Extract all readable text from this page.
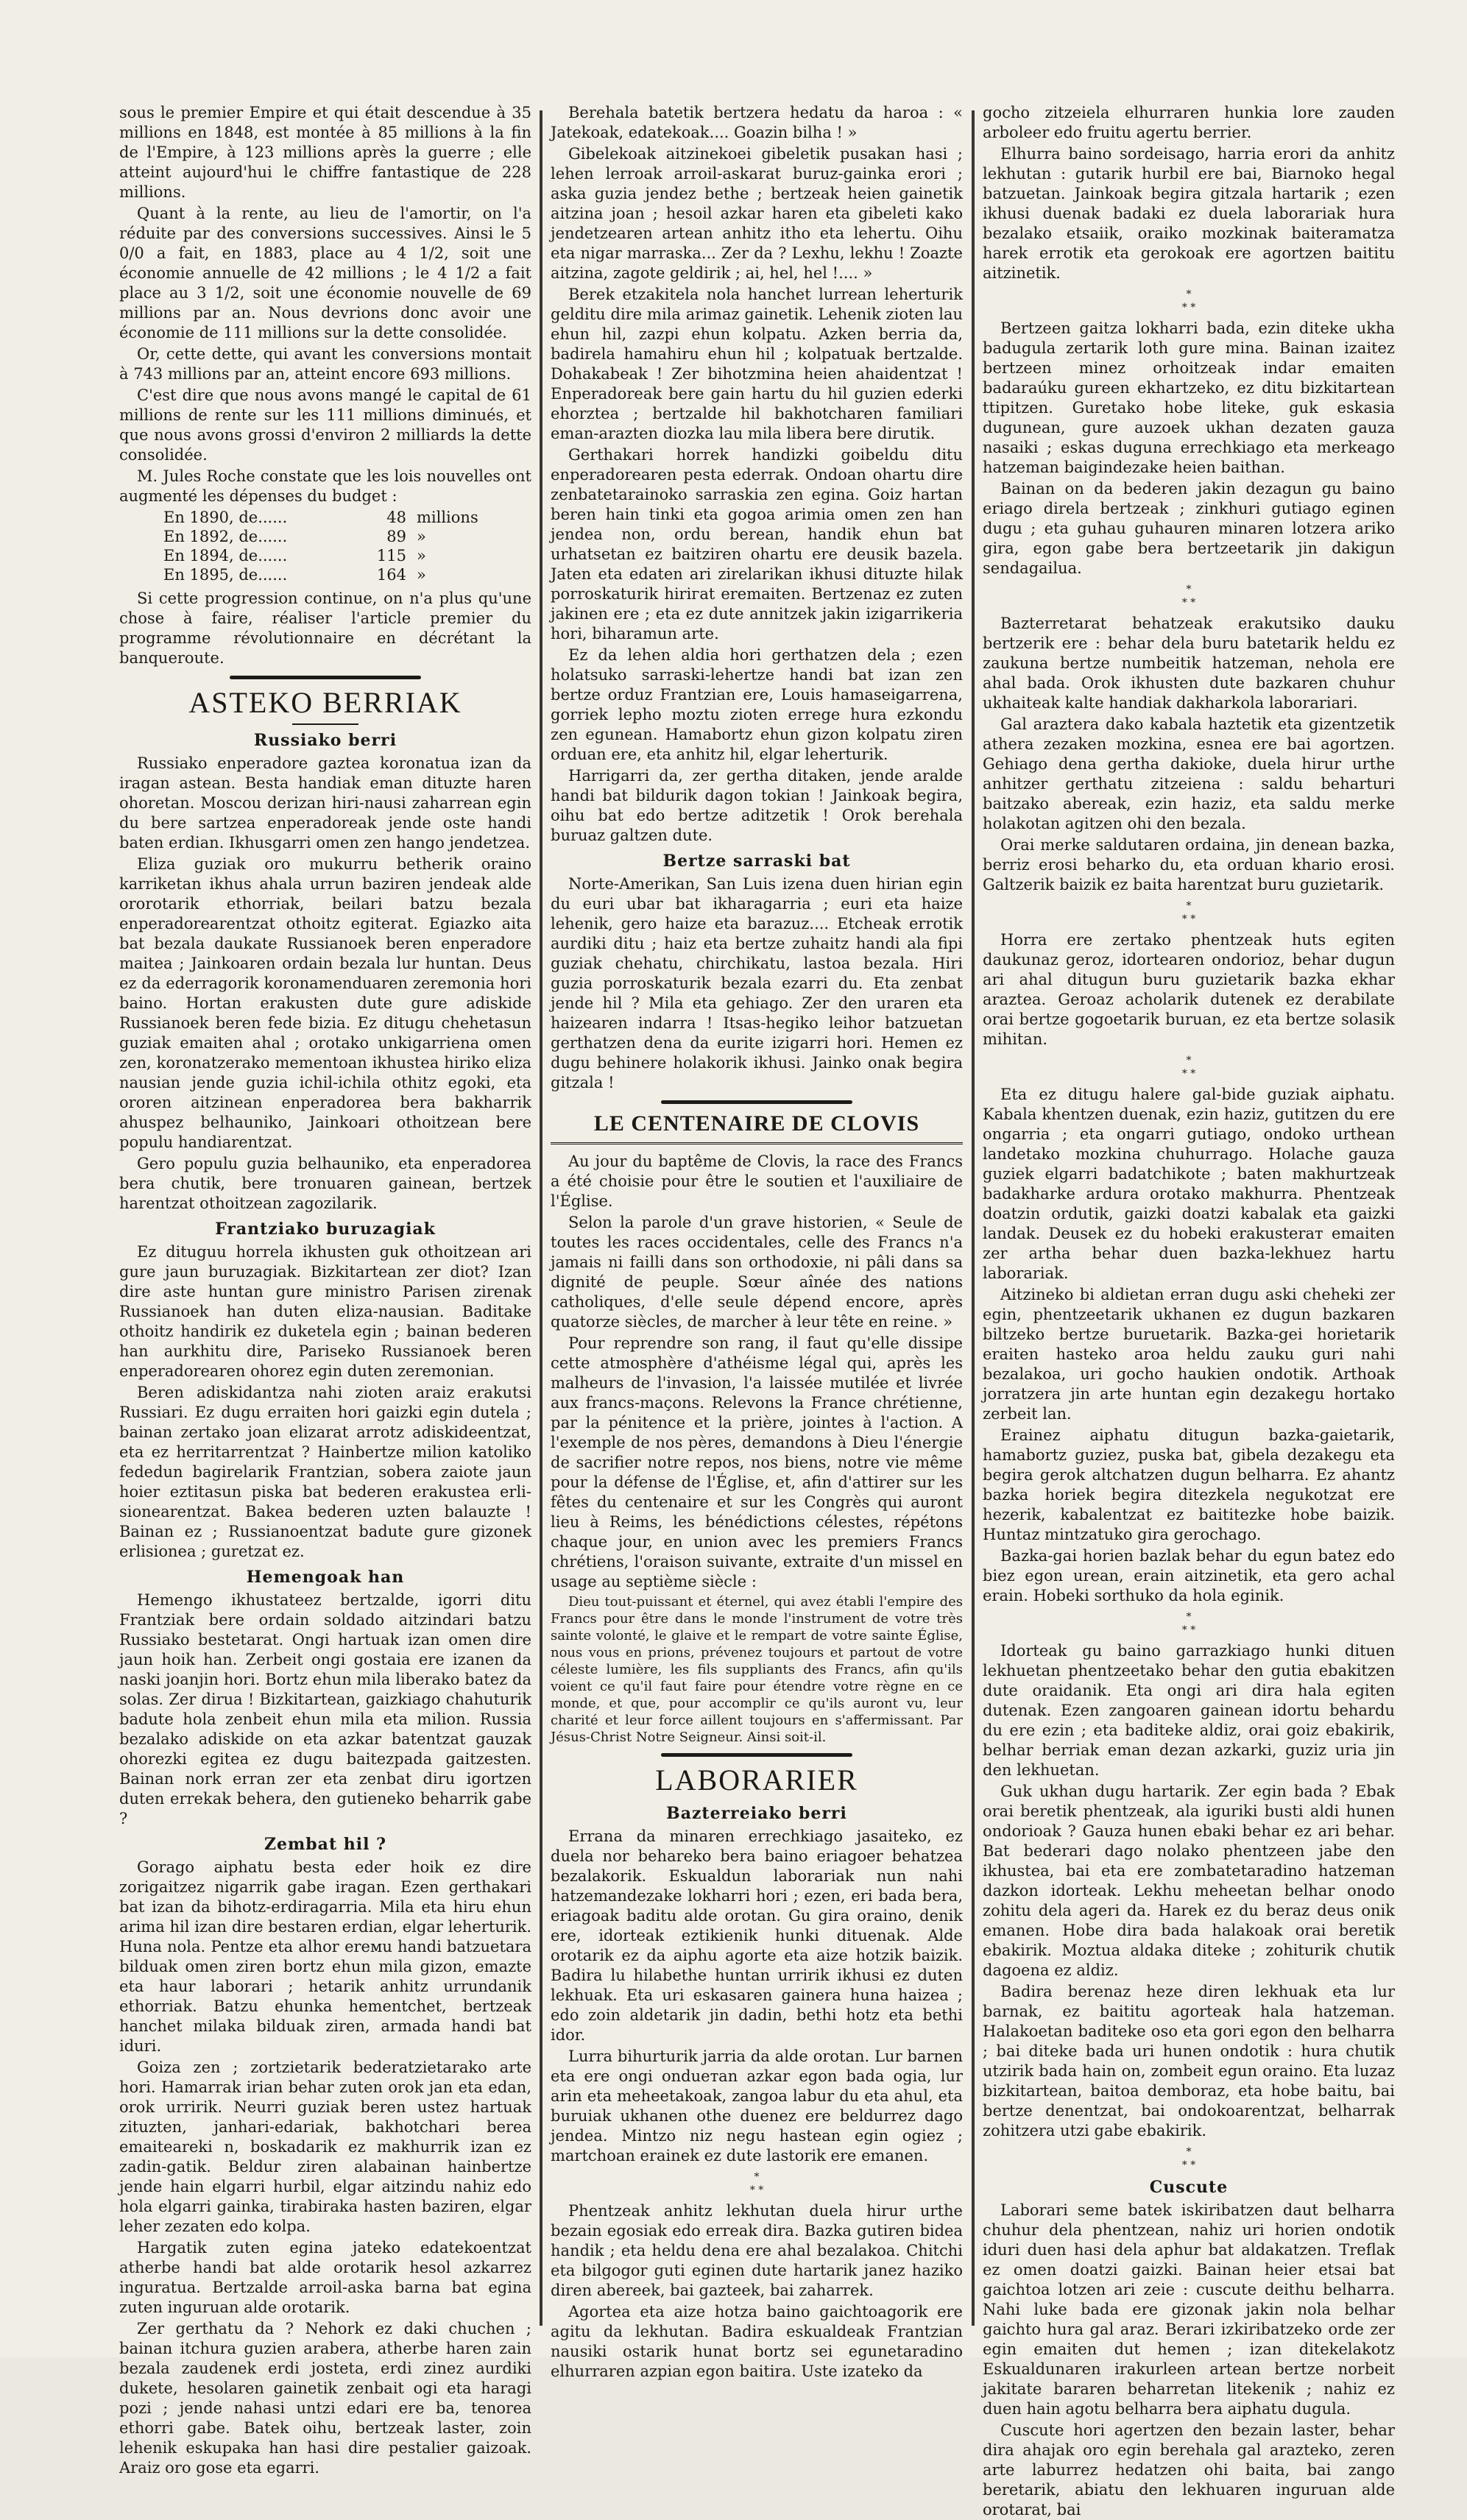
sous le premier Empire et qui était descendue à 35 millions en 1848, est montée à 85 millions à la fin de l'Empire, à 123 millions après la guerre ; elle atteint aujourd'hui le chiffre fantastique de 228 millions.

Quant à la rente, au lieu de l'amortir, on l'a réduite par des conversions successives. Ainsi le 5 0/0 a fait, en 1883, place au 4 1/2, soit une économie annuelle de 42 millions ; le 4 1/2 a fait place au 3 1/2, soit une économie nouvelle de 69 millions par an. Nous devrions donc avoir une économie de 111 millions sur la dette consolidée.

Or, cette dette, qui avant les conversions montait à 743 millions par an, atteint encore 693 millions.

C'est dire que nous avons mangé le capital de 61 millions de rente sur les 111 millions diminués, et que nous avons grossi d'environ 2 milliards la dette consolidée.

M. Jules Roche constate que les lois nouvelles ont augmenté les dépenses du budget :

En 1890, de......	48 millions
En 1892, de......	89 »
En 1894, de......	115 »
En 1895, de......	164 »

Si cette progression continue, on n'a plus qu'une chose à faire, réaliser l'article premier du programme révolutionnaire en décrétant la banqueroute.

ASTEKO BERRIAK
Russiako berri

Russiako enperadore gaztea koronatua izan da iragan astean. Besta handiak eman dituzte haren ohoretan. Moscou derizan hiri-nausi zaharrean egin du bere sartzea enperadoreak jende oste handi baten erdian. Ikhusgarri omen zen hango jendetzea.

Eliza guziak oro mukurru betherik oraino karriketan ikhus ahala urrun baziren jendeak alde ororotarik ethorriak, beilari batzu bezala enperadorearentzat othoitz egiterat. Egiazko aita bat bezala daukate Russianoek beren enperadore maitea ; Jainkoaren ordain bezala lur huntan. Deus ez da ederragorik koronamenduaren zeremonia hori baino. Hortan erakusten dute gure adiskide Russianoek beren fede bizia. Ez ditugu chehetasun guziak emaiten ahal ; orotako unkigarriena omen zen, koronatzerako mementoan ikhustea hiriko eliza nausian jende guzia ichil-ichila othitz egoki, eta ororen aitzinean enperadorea bera bakharrik ahuspez belhauniko, Jainkoari othoitzean bere populu handiarentzat.

Gero populu guzia belhauniko, eta enperadorea bera chutik, bere tronuaren gainean, bertzek harentzat othoitzean zagozilarik.

Frantziako buruzagiak

Ez dituguu horrela ikhusten guk othoitzean ari gure jaun buruzagiak. Bizkitartean zer diot? Izan dire aste huntan gure ministro Parisen zirenak Russianoek han duten eliza-nausian. Baditake othoitz handirik ez duketela egin ; bainan bederen han aurkhitu dire, Pariseko Russianoek beren enperadorearen ohorez egin duten zeremonian.

Beren adiskidantza nahi zioten araiz erakutsi Russiari. Ez dugu erraiten hori gaizki egin dutela ; bainan zertako joan elizarat arrotz adiskideentzat, eta ez herritarrentzat ? Hainbertze milion katoliko fededun bagirelarik Frantzian, sobera zaiote jaun hoier eztitasun piska bat bederen erakustea erli-sionearentzat. Bakea bederen uzten balauzte ! Bainan ez ; Russianoentzat badute gure gizonek erlisionea ; guretzat ez.

Hemengoak han

Hemengo ikhustateez bertzalde, igorri ditu Frantziak bere ordain soldado aitzindari batzu Russiako bestetarat. Ongi hartuak izan omen dire jaun hoik han. Zerbeit ongi gostaia ere izanen da naski joanjin hori. Bortz ehun mila liberako batez da solas. Zer dirua ! Bizkitartean, gaizkiago chahuturik badute hola zenbeit ehun mila eta milion. Russia bezalako adiskide on eta azkar batentzat gauzak ohorezki egitea ez dugu baitezpada gaitzesten. Bainan nork erran zer eta zenbat diru igortzen duten errekak behera, den gutieneko beharrik gabe ?

Zembat hil ?

Gorago aiphatu besta eder hoik ez dire zorigaitzez nigarrik gabe iragan. Ezen gerthakari bat izan da bihotz-erdiragarria. Mila eta hiru ehun arima hil izan dire bestaren erdian, elgar leherturik. Huna nola. Pentze eta alhor ereмu handi batzuetara bilduak omen ziren bortz ehun mila gizon, emazte eta haur laborari ; hetarik anhitz urrundanik ethorriak. Batzu ehunka hementchet, bertzeak hanchet milaka bilduak ziren, armada handi bat iduri.

Goiza zen ; zortzietarik bederatzietarako arte hori. Hamarrak irian behar zuten orok jan eta edan, orok urririk. Neurri guziak beren ustez hartuak zituzten, janhari-edariak, bakhotchari berea emaiteareki n, boskadarik ez makhurrik izan ez zadin-gatik. Beldur ziren alabainan hainbertze jende hain elgarri hurbil, elgar aitzindu nahiz edo hola elgarri gainka, tirabiraka hasten baziren, elgar leher zezaten edo kolpa.

Hargatik zuten egina jateko edatekoentzat atherbe handi bat alde orotarik hesol azkarrez inguratua. Bertzalde arroil-aska barna bat egina zuten inguruan alde orotarik.

Zer gerthatu da ? Nehork ez daki chuchen ; bainan itchura guzien arabera, atherbe haren zain bezala zaudenek erdi josteta, erdi zinez aurdiki dukete, hesolaren gainetik zenbait ogi eta haragi pozi ; jende nahasi untzi edari ere ba, tenorea ethorri gabe. Batek oihu, bertzeak laster, zoin lehenik eskupaka han hasi dire pestalier gaizoak. Araiz oro gose eta egarri.

Berehala batetik bertzera hedatu da haroa : « Jatekoak, edatekoak.... Goazin bilha ! »

Gibelekoak aitzinekoei gibeletik pusakan hasi ; lehen lerroak arroil-askarat buruz-gainka erori ; aska guzia jendez bethe ; bertzeak heien gainetik aitzina joan ; hesoil azkar haren eta gibeleti kako jendetzearen artean anhitz itho eta leheгtu. Oihu eta nigar marraska... Zer da ? Lexhu, lekhu ! Zoazte aitzina, zagote geldirik ; ai, hel, hel !.... »

Berek etzakitela nola hanchet lurrean leherturik gelditu dire mila arimaz gainetik. Lehenik zioten lau ehun hil, zazpi ehun kolpatu. Azken berria da, badirela hamahiru ehun hil ; kolpatuak bertzalde. Dohakabeak ! Zer bihotzmina heien ahaidentzat ! Enperadoreak bere gain hartu du hil guzien ederki ehorztea ; bertzalde hil bakhotcharen familiari eman-arazten diozka lau mila libera bere dirutik.

Gerthakari horrek handizki goibeldu ditu enperadorearen pesta ederrak. Ondoan ohartu dire zenbatetarainoko sarraskia zen egina. Goiz hartan beren hain tinki eta gogoa arimia omen zen han jendea non, ordu berean, handik ehun bat urhatsetan ez baitziren ohartu ere deusik bazela. Jaten eta edaten ari zirelarikan ikhusi dituzte hilak porroskaturik hiriгat eremaiten. Bertzenaz ez zuten jakinen ere ; eta ez dute annitzek jakin izigarrikeria hori, biharamun arte.

Ez da lehen aldia hori gerthatzen dela ; ezen holatsuko sarraski-lehertze handi bat izan zen bertze orduz Frantzian ere, Louis hamaseigarrena, gorriek lepho moztu zioten errege hura ezkondu zen egunean. Hamabortz ehun gizon kolpatu ziren orduan ere, eta anhitz hil, elgar leherturik.

Harrigarri da, zer gertha ditaken, jende aralde handi bat bildurik dagon tokian ! Jainkoak begira, oihu bat edo bertze aditzetik ! Orok berehala buruaz galtzen dute.

Bertze sarraski bat

Norte-Amerikan, San Luis izena duen hirian egin du euri ubar bat ikharagarria ; euri eta haize lehenik, gero haize eta barazuz.... Etcheak errotik aurdiki ditu ; haiz eta bertze zuhaitz handi ala fipi guziak chehatu, chirchikatu, lastoa bezala. Hiri guzia porroskaturik bezala ezarri du. Eta zenbat jende hil ? Mila eta gehiago. Zer den uraren eta haizearen indarra ! Itsas-hegiko leihor batzuetan gerthatzen dena da eurite izigarri hori. Hemen ez dugu behinere holakorik ikhusi. Jainko onak begira gitzala !

LE CENTENAIRE DE CLOVIS

Au jour du baptême de Clovis, la race des Francs a été choisie pour être le soutien et l'auxiliaire de l'Église.

Selon la parole d'un grave historien, « Seule de toutes les races occidentales, celle des Francs n'a jamais ni failli dans son orthodoxie, ni pâli dans sa dignité de peuple. Sœur aînée des nations catholiques, d'elle seule dépend encore, après quatorze siècles, de marcher à leur tête en reine. »

Pour reprendre son rang, il faut qu'elle dissipe cette atmosphère d'athéisme légal qui, après les malheurs de l'invasion, l'a laissée mutilée et livrée aux francs-maçons. Relevons la France chrétienne, par la pénitence et la prière, jointes à l'action. A l'exemple de nos pères, demandons à Dieu l'énergie de sacrifier notre repos, nos biens, notre vie même pour la défense de l'Église, et, afin d'attirer sur les fêtes du centenaire et sur les Congrès qui auront lieu à Reims, les bénédictions célestes, répétons chaque jour, en union avec les premiers Francs chrétiens, l'oraison suivante, extraite d'un missel en usage au septième siècle :

Dieu tout-puissant et éternel, qui avez établi l'empire des Francs pour être dans le monde l'instrument de votre très sainte volonté, le glaive et le rempart de votre sainte Église, nous vous en prions, prévenez toujours et partout de votre céleste lumière, les fils suppliants des Francs, afin qu'ils voient ce qu'il faut faire pour étendre votre règne en ce monde, et que, pour accomplir ce qu'ils auront vu, leur charité et leur force aillent toujours en s'affermissant. Par Jésus-Christ Notre Seigneur. Ainsi soit-il.

LABORARIER
Bazterreiako berri

Errana da minaren errechkiago jasaiteko, ez duela nor behareko bera baino eriagoer behatzea bezalakorik. Eskualdun laborariak nun nahi hatzemandezake lokharri hori ; ezen, eri bada bera, eriagoak baditu alde orotan. Gu gira oraino, denik ere, idorteak eztikienik hunki dituenak. Alde orotarik ez da aiphu agorte eta aize hotzik baizik. Badira lu hilabethe huntan urririk ikhusi ez duten lekhuak. Eta uri eskasaren gainera huna haizea ; edo zoin aldetarik jin dadin, bethi hotz eta bethi idor.

Lurra bihurturik jarria da alde orotan. Lur barnen eta ere ongi ondueтan azkar egon bada ogia, lur arin eta meheetakoak, zangoa labur du eta ahul, eta buruiak ukhanen othe duenez ere beldurrez dago jendea. Mintzo niz negu hastean egin ogiez ; martchoan erainek ez dute lastorik ere emanen.

*
* *

Phentzeak anhitz lekhutan duela hirur urthe bezain egosiak edo erreak dira. Bazka gutiren bidea handik ; eta heldu dena ere ahal bezalakoa. Chitchi eta bilgogor guti eginen dute hartarik janez haziko diren abereek, bai gazteek, bai zaharrek.

Agortea eta aize hotza baino gaichtoagorik ere agitu da lekhutan. Badira eskualdeak Frantzian nausiki ostarik hunat bortz sei egunetaradino elhurraren azpian egon baitira. Uste izateko da

gocho zitzeiela elhurraren hunkia lore zauden arboleer edo fruitu agertu berrier.

Elhurra baino sordeisago, harria erori da anhitz lekhutan : gutarik hurbil ere bai, Biarnoko hegal batzuetan. Jainkoak begira gitzala hartarik ; ezen ikhusi duenak badaki ez duela laborariak hura bezalako etsaiik, oraiko mozkinak baiteramatza harek errotik eta gerokoak ere agortzen baititu aitzinetik.

*
* *

Bertzeen gaitza lokharri bada, ezin diteke ukha badugula zertarik loth gure mina. Bainan izaitez bertzeen minez orhoitzeak indar emaiten badaraúku gureen ekhartzeko, ez ditu bizkitartean ttipitzen. Guretako hobe liteke, guk eskasia dugunean, gure auzoek ukhan dezaten gauza nasaiki ; eskas duguna errechkiago eta merkeago hatzeman baigindezake heien baithan.

Bainan on da bederen jakin dezagun gu baino eriago direla bertzeak ; zinkhuri gutiago eginen dugu ; eta guhau guhauren minaren lotzera ariko gira, egon gabe bera bertzeetarik jin dakigun sendagailua.

*
* *

Bazterretarat behatzeak erakutsiko dauku bertzerik ere : behar dela buru batetarik heldu ez zaukuna bertze numbeitik hatzeman, nehola ere ahal bada. Orok ikhusten dute bazkaren chuhur ukhaiteak kalte handiak dakharkola laborariari.

Gal araztera dako kabala haztetik eta gizentzetik athera zezaken mozkina, esnea ere bai agortzen. Gehiago dena gertha dakioke, duela hirur urthe anhitzer gerthatu zitzeiena : saldu beharturi baitzako abereak, ezin haziz, eta saldu merke holakotan agitzen ohi den bezala.

Orai merke saldutaren ordaina, jin denean bazka, berriz erosi beharko du, eta orduan khario erosi. Galtzerik baizik ez baita harentzat buru guzietarik.

*
* *

Horra ere zertako phentzeak huts egiten daukunaz geroz, idortearen ondorioz, behar dugun ari ahal ditugun buru guzietarik bazka ekhar araztea. Geroaz acholarik dutenek ez derabilate orai bertze gogoetarik buruan, ez eta bertze solasik mihitan.

*
* *

Eta ez ditugu halere gal-bide guziak aiphatu. Kabala khentzen duenak, ezin haziz, gutitzen du ere ongarria ; eta ongarri gutiago, ondoko urthean landetako mozkina chuhurrago. Holache gauza guziek elgarri badatchikote ; baten makhurtzeak badakharke ardura orotako makhurra. Phentzeak doatzin ordutik, gaizki doatzi kabalak eta gaizki landak. Deusek ez du hobeki erakusteraт emaiten zer artha behar duen bazka-lekhuez hartu laborariak.

Aitzineko bi aldietan erran dugu aski cheheki zer egin, phentzeetarik ukhanen ez dugun bazkaren biltzeko bertze buruetarik. Bazka-gei horietarik eraiten hasteko aroa heldu zauku guri nahi bezalakoa, uri gocho haukien ondotik. Arthoak jorratzera jin arte huntan egin dezakegu hortako zerbeit lan.

Erainez aiphatu ditugun bazka-gaietarik, hamabortz guziez, puska bat, gibela dezakegu eta begira gerok altchatzen dugun belharra. Ez ahantz bazka horiek begira ditezkela negukotzat ere hezerik, kabalentzat ez baititezke hobe baizik. Huntaz mintzatuko gira gerochago.

Bazka-gai horien bazlak behar du egun batez edo biez egon urean, erain aitzinetik, eta gero achal erain. Hobeki sorthuko da hola eginik.

*
* *

Idorteak gu baino garrazkiago hunki dituen lekhuetan phentzeetako behar den gutia ebakitzen dute oraidanik. Eta ongi ari dira hala egiten dutenak. Ezen zangoaren gainean idortu behardu du ere ezin ; eta baditeke aldiz, orai goiz ebakirik, belhar berriak eman dezan azkarki, guziz uria jin den lekhuetan.

Guk ukhan dugu hartarik. Zer egin bada ? Ebak orai beretik phentzeak, ala iguriki busti aldi hunen ondorioak ? Gauza hunen ebaki behar ez ari behar. Bat bederari dago nolako phentzeen jabe den ikhustea, bai eta ere zombatetaradino hatzeman dazkon idorteak. Lekhu meheetan belhar onodo zohitu dela ageri da. Harek ez du beraz deus onik emanen. Hobe dira bada halakoak orai beretik ebakirik. Moztua aldaka diteke ; zohiturik chutik dagoena ez aldiz.

Badira berenaz heze diren lekhuak eta lur barnak, ez baititu agorteak hala hatzeman. Halakoetan baditeke oso eta gori egon den belharra ; bai ditеke bada uri hunen ondotik : hura chutik utzirik bada hain on, zombeit egun oraino. Eta luzaz bizkitartean, baitoa demboraz, eta hobe baitu, bai bertze denentzat, bai ondokoarentzat, belharrak zohitzera utzi gabe ebakirik.

*
* *
Cuscute

Laborari seme batek iskiribatzen daut belharra chuhur dela phentzean, nahiz uri horien ondotik iduri duen hasi dela aphur bat aldakatzen. Treflak ez omen doatzi gaizki. Bainan heier etsai bat gaichtoa lotzen ari zeie : cuscute deithu belharra. Nahi luke bada ere gizonak jakin nola belhar gaichto hura gal araz. Berari izkiribatzeko orde zer egin emaiten dut hemen ; izan ditekelakotz Eskualdunaren irakurleen artean bertze norbeit jakitate bararen beharretan litekenik ; nahiz ez duen hain agotu belharra bera aiphatu dugula.

Cuscute hori agertzen den bezain laster, behar dira ahajak oro egin berehala gal arazteko, zeren arte laburrez hedatzen ohi baita, bai zango beretarik, abiatu den lekhuaren inguruan alde orotarat, bai
